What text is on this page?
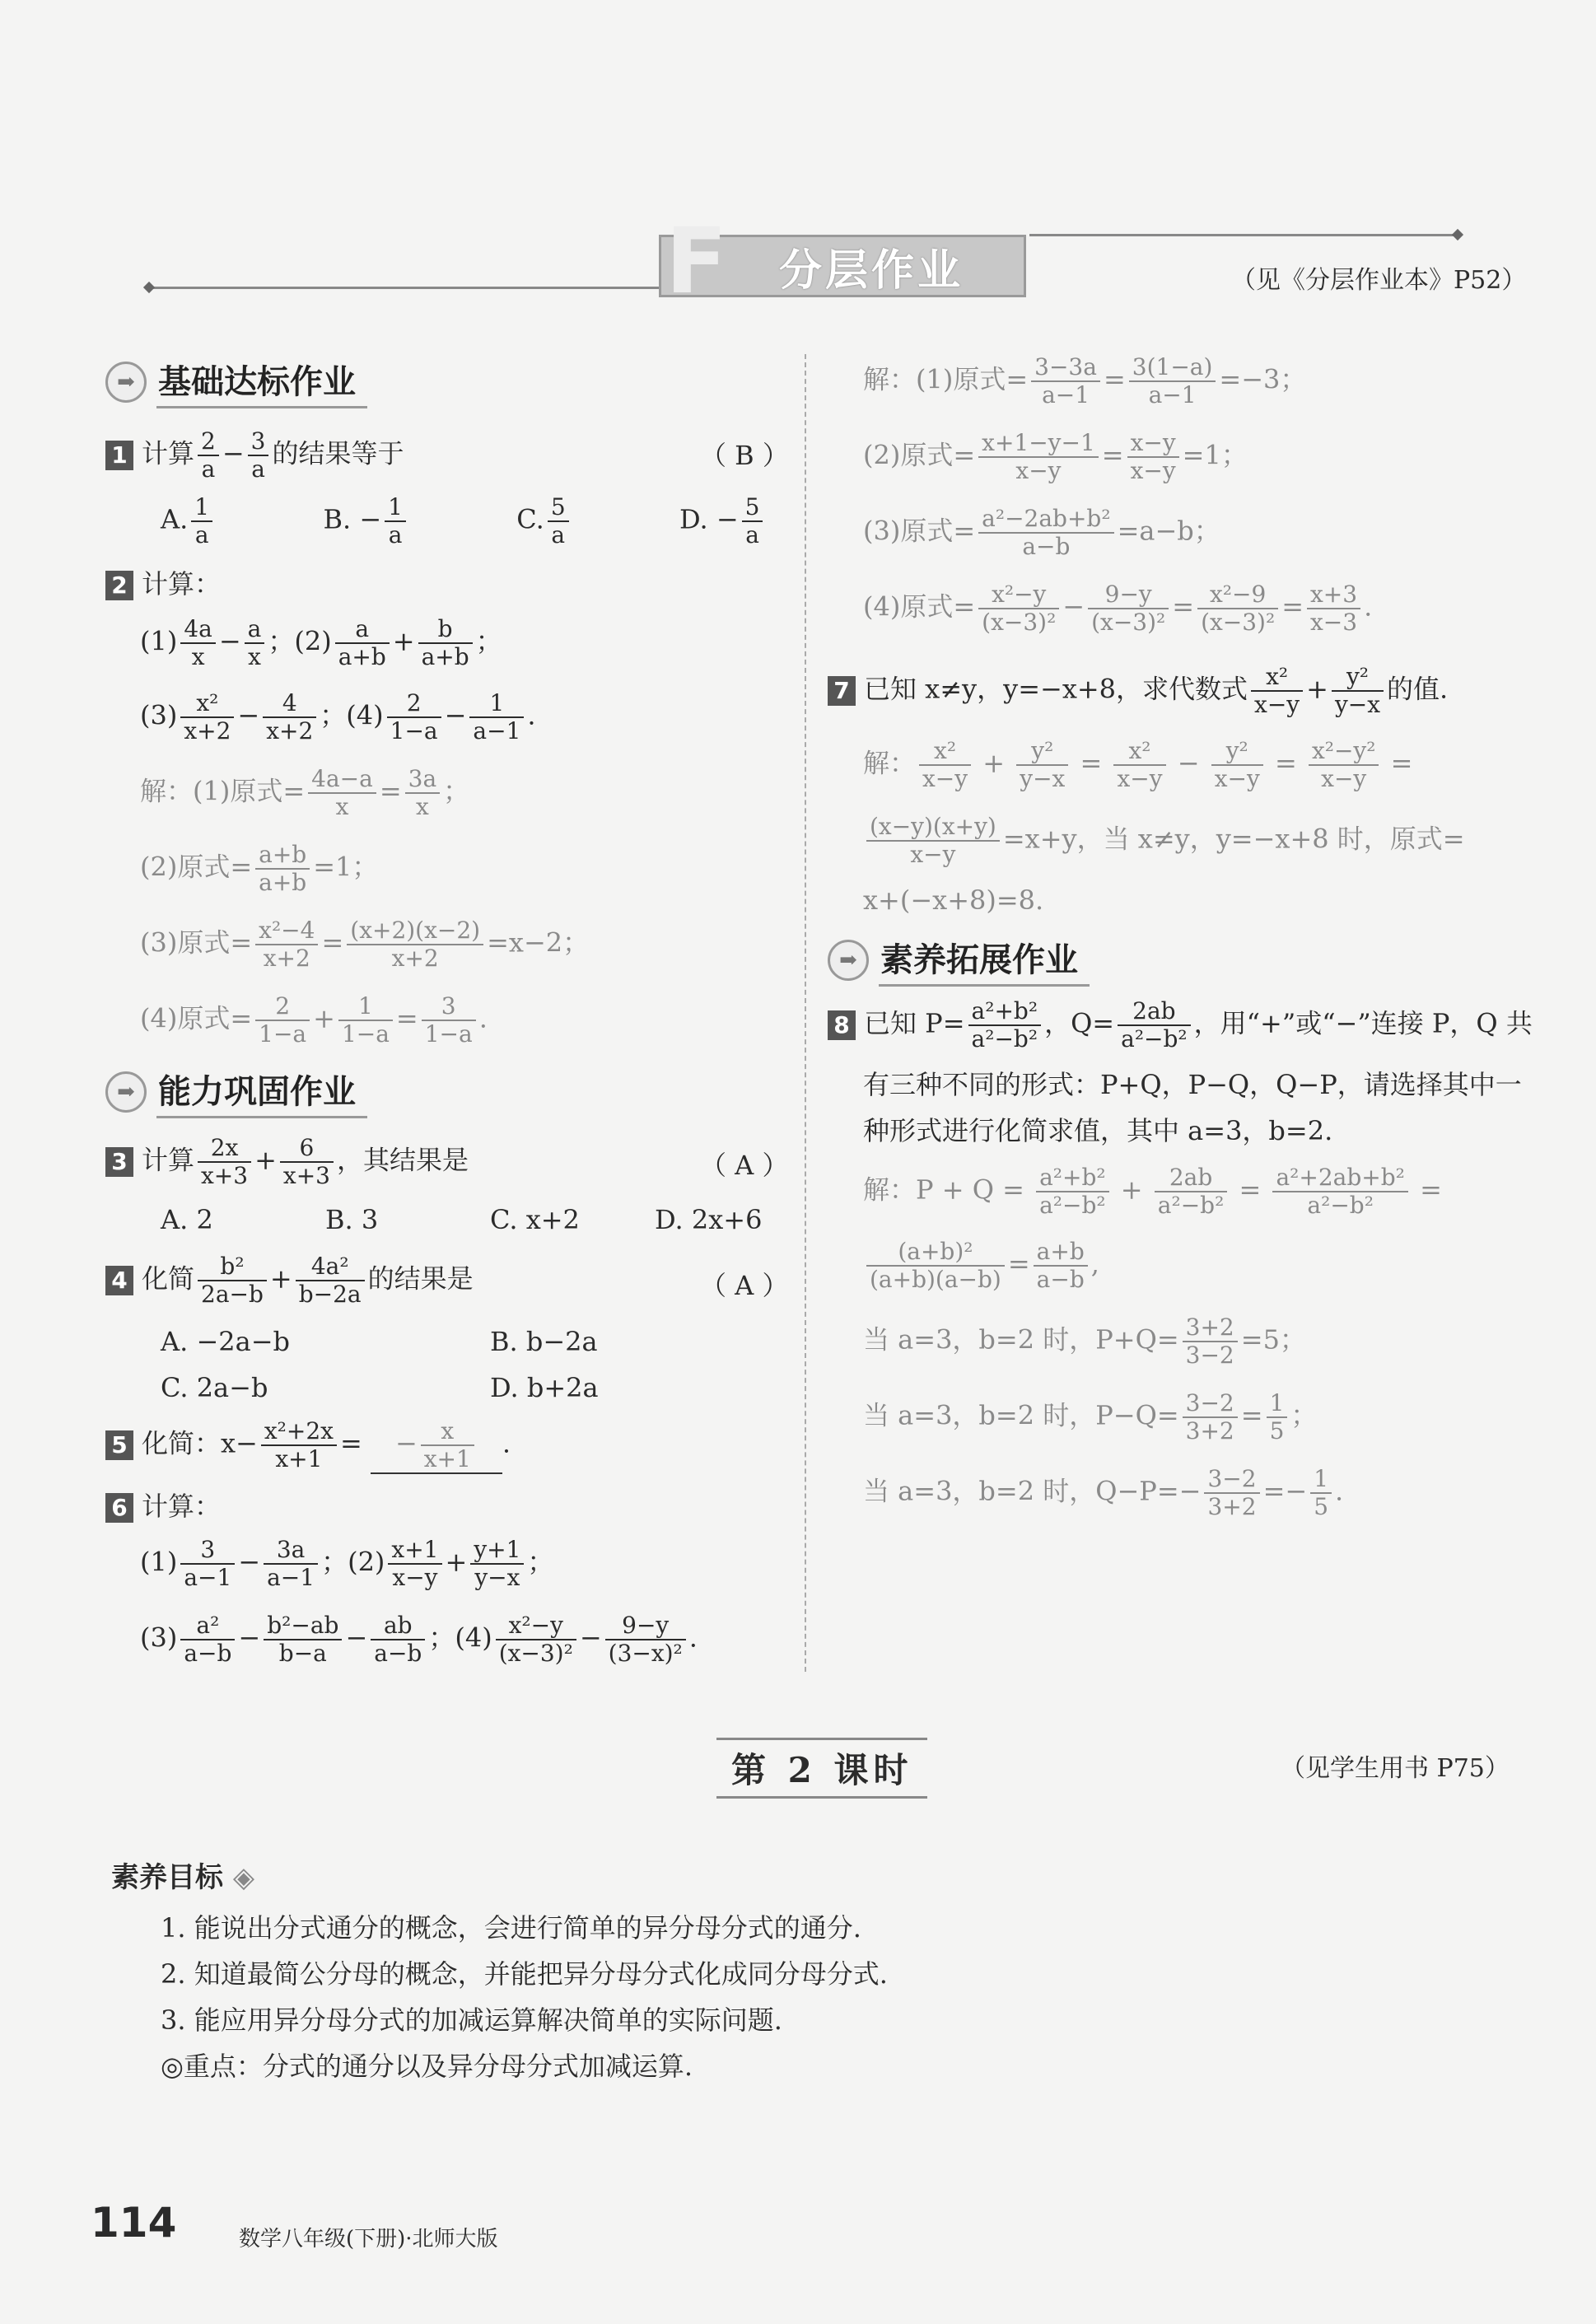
分层作业
F	（见《分层作业本》P52）
➡ 基础达标作业
1 计算 $\frac{2}{a} - \frac{3}{a}$ 的结果等于	（ B ）
A. $\frac{1}{a}$	B. − $\frac{1}{a}$	C. $\frac{5}{a}$	D. − $\frac{5}{a}$
2 计算：
$(1) \frac{4a}{x} - \frac{a}{x}$ ；$(2) \frac{a}{a+b} + \frac{b}{a+b}$ ；
$(3) \frac{\text{x²}}{x+2} - \frac{4}{x+2}$ ；$(4) \frac{2}{1-a} - \frac{1}{a-1}$ .
解：(1)原式= $\frac{4a-a}{x} = \frac{3a}{x}$ ；
(2)原式= $\frac{a+b}{a+b} =1$；
(3)原式= $\frac{\text{x²−4}}{x+2} = \frac{(x+2)(x-2)}{x+2} =x-2$；
(4)原式= $\frac{2}{1-a} + \frac{1}{1-a} = \frac{3}{1-a}$ .
➡ 能力巩固作业
3 计算 $\frac{2x}{x+3} + \frac{6}{x+3}$ ，其结果是	（ A ）
A. 2	B. 3	C. x+2	D. 2x+6
4 化简 $\frac{\text{b²}}{2a-b} + \frac{\text{4a²}}{b-2a}$ 的结果是	（ A ）
A. −2a−b	B. b−2a
C. 2a−b	D. b+2a
5 化简：$x- \frac{\text{x²+2x}}{x+1}$ = − $\frac{x}{x+1}$ .
6 计算：
$(1) \frac{3}{a-1} - \frac{3a}{a-1}$ ；$(2) \frac{x+1}{x-y} + \frac{y+1}{y-x}$ ；
$(3) \frac{\text{a²}}{a-b} - \frac{\text{b²−ab}}{b-a} - \frac{ab}{a-b}$ ；$(4) \frac{\text{x²−y}}{\text{(x−3)²}} - \frac{9-y}{\text{(3−x)²}}$ .
解：(1)原式= $\frac{3-3a}{a-1} = \frac{3(1-a)}{a-1} =-3$；
(2)原式= $\frac{x+1-y-1}{x-y} = \frac{x-y}{x-y} =1$；
(3)原式= $\frac{\text{a²−2ab+b²}}{a-b} =a-b$；
(4)原式= $\frac{\text{x²−y}}{\text{(x−3)²}} - \frac{9-y}{\text{(x−3)²}} = \frac{\text{x²−9}}{\text{(x−3)²}} = \frac{x+3}{x-3}$ .
7 已知 x≠y，y=−x+8，求代数式 $\frac{\text{x²}}{x-y} + \frac{\text{y²}}{y-x}$ 的值.
解： $\frac{\text{x²}}{x-y} + \frac{\text{y²}}{y-x} = \frac{\text{x²}}{x-y} - \frac{\text{y²}}{x-y} = \frac{\text{x²−y²}}{x-y}$ =
$\frac{(x-y)(x+y)}{x-y} =x+y$，当 x≠y，y=−x+8 时，原式=
x+(−x+8)=8.
➡ 素养拓展作业
8 已知 $P= \frac{\text{a²+b²}}{\text{a²−b²}}$ ，$Q= \frac{2ab}{\text{a²−b²}}$ ，用“+”或“−”连接 P，Q 共
有三种不同的形式：P+Q，P−Q，Q−P，请选择其中一
种形式进行化简求值，其中 a=3，b=2.
解：$P + Q = \frac{\text{a²+b²}}{\text{a²−b²}} + \frac{2ab}{\text{a²−b²}} = \frac{\text{a²+2ab+b²}}{\text{a²−b²}}$ =
$\frac{\text{(a+b)²}}{(a+b)(a-b)} = \frac{a+b}{a-b}$ ,
当 a=3，b=2 时，$P+Q= \frac{3+2}{3-2} =5$；
当 a=3，b=2 时，$P-Q= \frac{3-2}{3+2} = \frac{1}{5}$ ；
当 a=3，b=2 时，$Q-P=- \frac{3-2}{3+2} =- \frac{1}{5}$ .
第 2 课时	（见学生用书 P75）
素养目标 ◈
1. 能说出分式通分的概念，会进行简单的异分母分式的通分.
2. 知道最简公分母的概念，并能把异分母分式化成同分母分式.
3. 能应用异分母分式的加减运算解决简单的实际问题.
◎重点：分式的通分以及异分母分式加减运算.
114	数学八年级(下册)·北师大版
